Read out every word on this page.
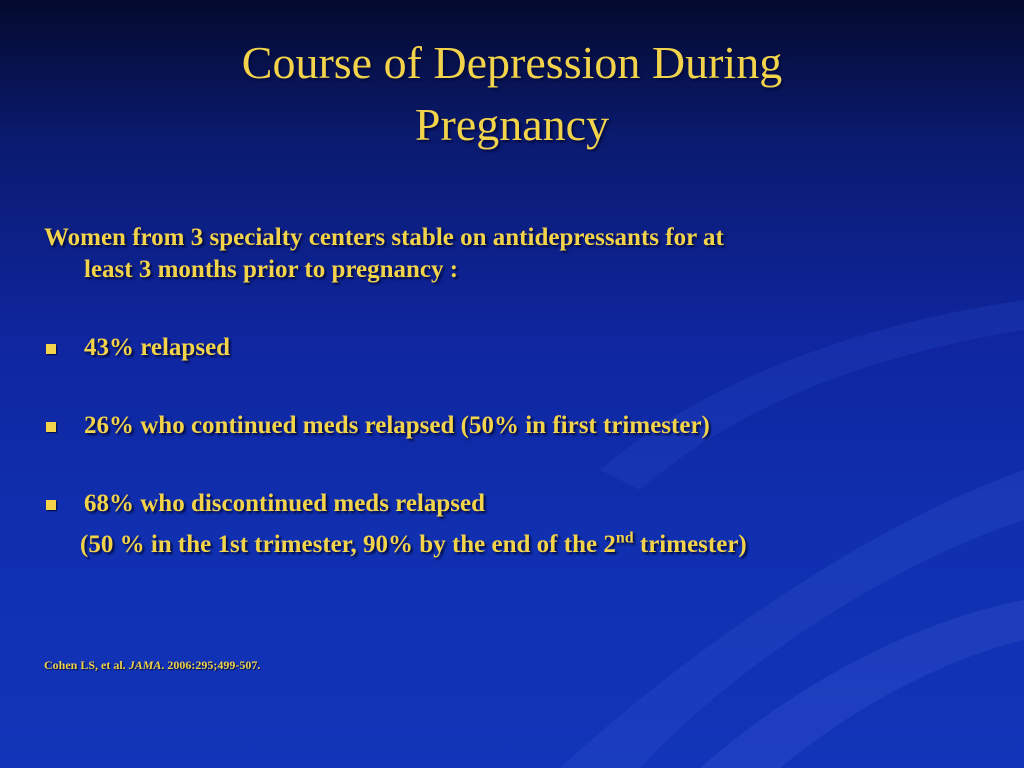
Course of Depression During
Pregnancy
Women from 3 specialty centers stable on antidepressants for at
least 3 months prior to pregnancy :
43% relapsed
26% who continued meds relapsed (50% in first trimester)
68% who discontinued meds relapsed
(50 % in the 1st trimester, 90% by the end of the 2nd trimester)
Cohen LS, et al. JAMA. 2006:295;499-507.
